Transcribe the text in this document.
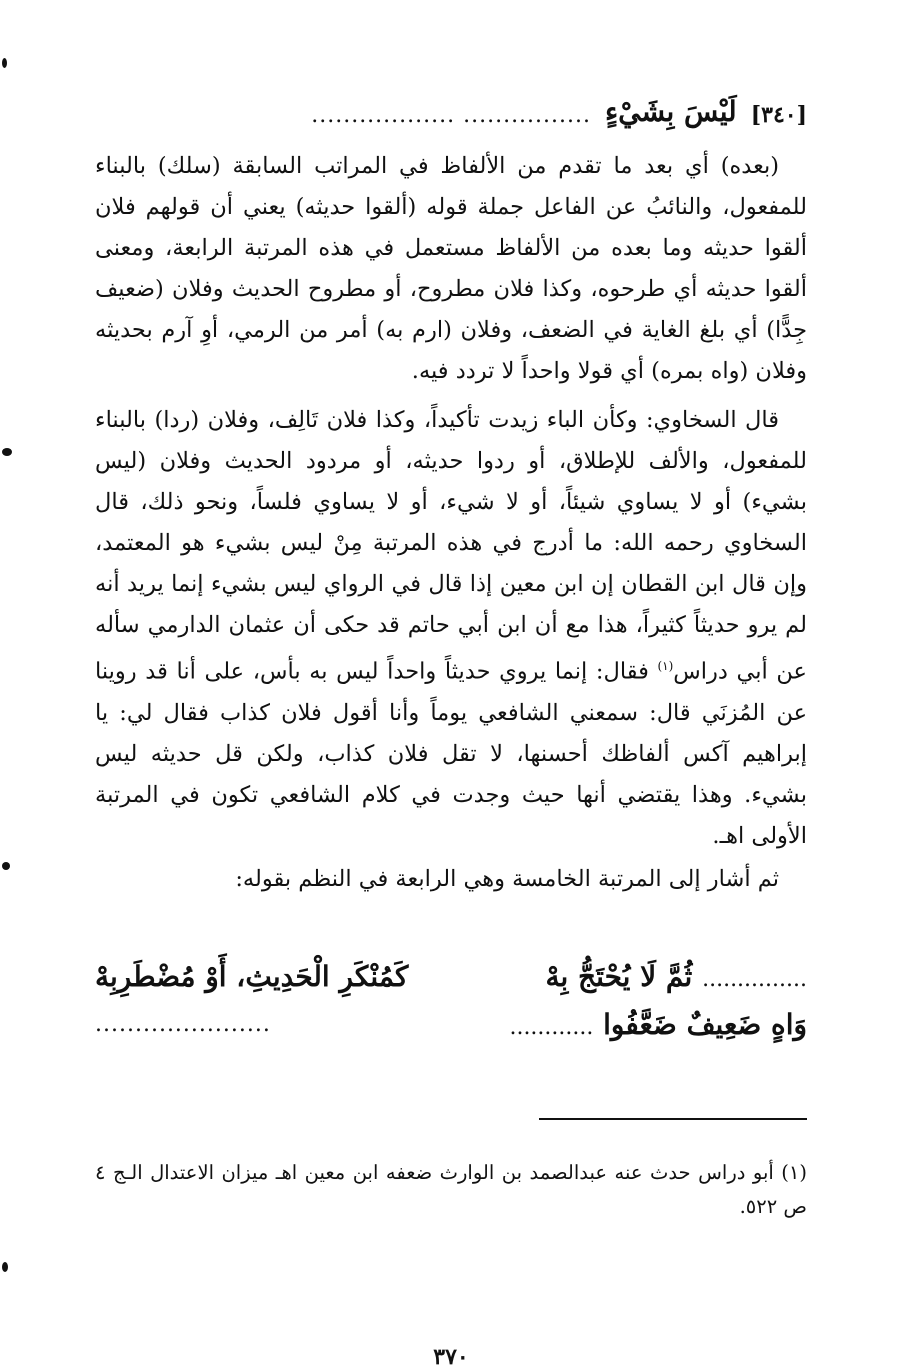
[٣٤٠]
لَيْسَ بِشَيْءٍ
................ ..................

(بعده) أي بعد ما تقدم من الألفاظ في المراتب السابقة (سلك) بالبناء للمفعول، والنائبُ عن الفاعل جملة قوله (ألقوا حديثه) يعني أن قولهم فلان ألقوا حديثه وما بعده من الألفاظ مستعمل في هذه المرتبة الرابعة، ومعنى ألقوا حديثه أي طرحوه، وكذا فلان مطروح، أو مطروح الحديث وفلان (ضعيف جِدًّا) أي بلغ الغاية في الضعف، وفلان (ارم به) أمر من الرمي، أوِ آرم بحديثه وفلان (واه بمره) أي قولا واحداً لا تردد فيه.

قال السخاوي: وكأن الباء زيدت تأكيداً، وكذا فلان تَالِف، وفلان (ردا) بالبناء للمفعول، والألف للإطلاق، أو ردوا حديثه، أو مردود الحديث وفلان (ليس بشيء) أو لا يساوي شيئاً، أو لا شيء، أو لا يساوي فلساً، ونحو ذلك، قال السخاوي رحمه الله: ما أدرج في هذه المرتبة مِنْ ليس بشيء هو المعتمد، وإن قال ابن القطان إن ابن معين إذا قال في الرواي ليس بشيء إنما يريد أنه لم يرو حديثاً كثيراً، هذا مع أن ابن أبي حاتم قد حكى أن عثمان الدارمي سأله عن أبي دراس$^{(١)}$ فقال: إنما يروي حديثاً واحداً ليس به بأس، على أنا قد روينا عن المُزنَي قال: سمعني الشافعي يوماً وأنا أقول فلان كذاب فقال لي: يا إبراهيم آكس ألفاظك أحسنها، لا تقل فلان كذاب، ولكن قل حديثه ليس بشيء. وهذا يقتضي أنها حيث وجدت في كلام الشافعي تكون في المرتبة الأولى اهـ.

ثم أشار إلى المرتبة الخامسة وهي الرابعة في النظم بقوله:

............... ثُمَّ لَا يُحْتَجُّ بِهْ
كَمُنْكَرِ الْحَدِيثِ، أَوْ مُضْطَرِبِهْ
وَاهٍ ضَعِيفٌ ضَعَّفُوا ............
......................
(١) أبو دراس حدث عنه عبدالصمد بن الوارث ضعفه ابن معين اهـ ميزان الاعتدال الـج ٤ ص ٥٢٢.
٣٧٠
